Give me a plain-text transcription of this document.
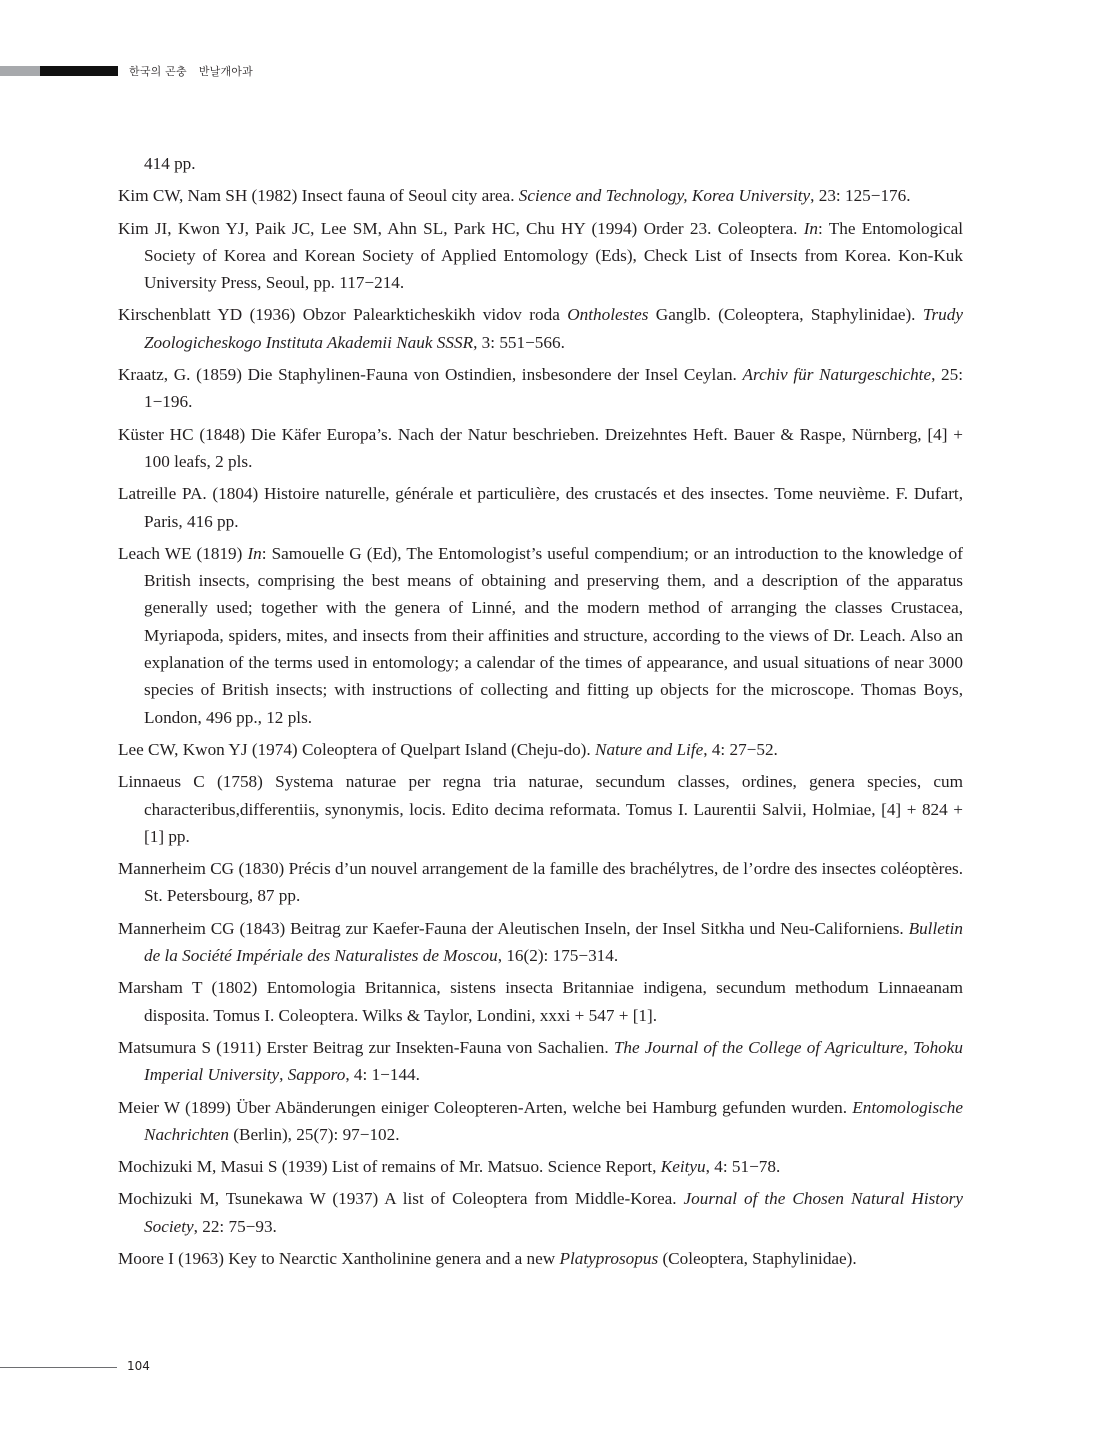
한국의 곤충 반날개아과

414 pp.

Kim CW, Nam SH (1982) Insect fauna of Seoul city area. Science and Technology, Korea University, 23: 125−176.

Kim JI, Kwon YJ, Paik JC, Lee SM, Ahn SL, Park HC, Chu HY (1994) Order 23. Coleoptera. In: The Entomological Society of Korea and Korean Society of Applied Entomology (Eds), Check List of Insects from Korea. Kon-Kuk University Press, Seoul, pp. 117−214.

Kirschenblatt YD (1936) Obzor Palearkticheskikh vidov roda Ontholestes Ganglb. (Coleoptera, Staphylinidae). Trudy Zoologicheskogo Instituta Akademii Nauk SSSR, 3: 551−566.

Kraatz, G. (1859) Die Staphylinen-Fauna von Ostindien, insbesondere der Insel Ceylan. Archiv für Naturgeschichte, 25: 1−196.

Küster HC (1848) Die Käfer Europa’s. Nach der Natur beschrieben. Dreizehntes Heft. Bauer & Raspe, Nürnberg, [4] + 100 leafs, 2 pls.

Latreille PA. (1804) Histoire naturelle, générale et particulière, des crustacés et des insectes. Tome neuvième. F. Dufart, Paris, 416 pp.

Leach WE (1819) In: Samouelle G (Ed), The Entomologist’s useful compendium; or an introduction to the knowledge of British insects, comprising the best means of obtaining and preserving them, and a description of the apparatus generally used; together with the genera of Linné, and the modern method of arranging the classes Crustacea, Myriapoda, spiders, mites, and insects from their affinities and structure, according to the views of Dr. Leach. Also an explanation of the terms used in entomology; a calendar of the times of appearance, and usual situations of near 3000 species of British insects; with instructions of collecting and fitting up objects for the microscope. Thomas Boys, London, 496 pp., 12 pls.

Lee CW, Kwon YJ (1974) Coleoptera of Quelpart Island (Cheju-do). Nature and Life, 4: 27−52.

Linnaeus C (1758) Systema naturae per regna tria naturae, secundum classes, ordines, genera species, cum characteribus,differentiis, synonymis, locis. Edito decima reformata. Tomus I. Laurentii Salvii, Holmiae, [4] + 824 + [1] pp.

Mannerheim CG (1830) Précis d’un nouvel arrangement de la famille des brachélytres, de l’ordre des insectes coléoptères. St. Petersbourg, 87 pp.

Mannerheim CG (1843) Beitrag zur Kaefer-Fauna der Aleutischen Inseln, der Insel Sitkha und Neu-Californiens. Bulletin de la Société Impériale des Naturalistes de Moscou, 16(2): 175−314.

Marsham T (1802) Entomologia Britannica, sistens insecta Britanniae indigena, secundum methodum Linnaeanam disposita. Tomus I. Coleoptera. Wilks & Taylor, Londini, xxxi + 547 + [1].

Matsumura S (1911) Erster Beitrag zur Insekten-Fauna von Sachalien. The Journal of the College of Agriculture, Tohoku Imperial University, Sapporo, 4: 1−144.

Meier W (1899) Über Abänderungen einiger Coleopteren-Arten, welche bei Hamburg gefunden wurden. Entomologische Nachrichten (Berlin), 25(7): 97−102.

Mochizuki M, Masui S (1939) List of remains of Mr. Matsuo. Science Report, Keityu, 4: 51−78.

Mochizuki M, Tsunekawa W (1937) A list of Coleoptera from Middle-Korea. Journal of the Chosen Natural History Society, 22: 75−93.

Moore I (1963) Key to Nearctic Xantholinine genera and a new Platyprosopus (Coleoptera, Staphylinidae).

104
